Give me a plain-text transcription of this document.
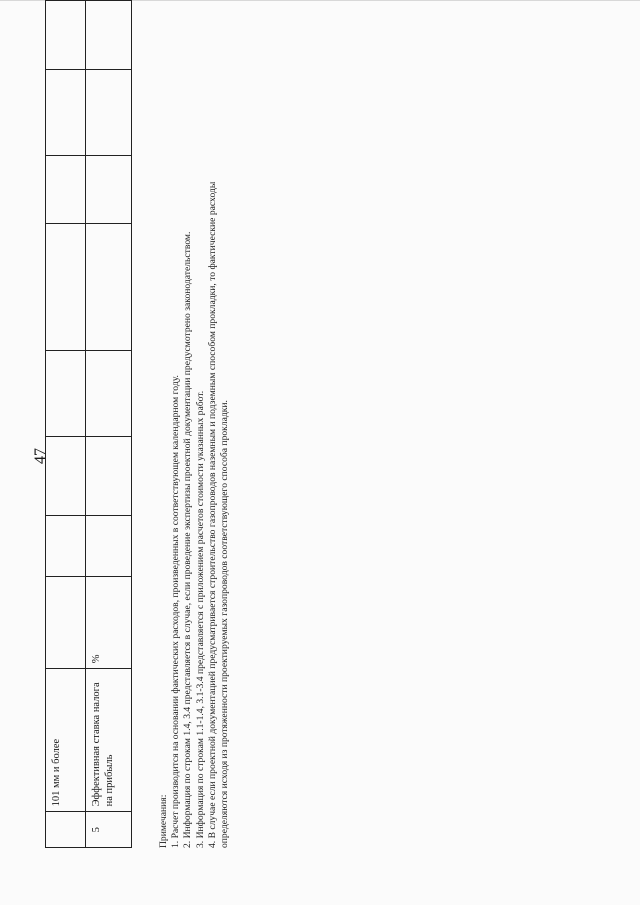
47
	101 мм и более								
5	Эффективная ставка налога на прибыль	%							
Примечания: 1. Расчет производится на основании фактических расходов, произведенных в соответствующем календарном году. 2. Информация по строкам 1.4, 3.4 представляется в случае, если проведение экспертизы проектной документации предусмотрено законодательством. 3. Информация по строкам 1.1-1.4, 3.1-3.4 представляется с приложением расчетов стоимости указанных работ. 4. В случае если проектной документацией предусматривается строительство газопроводов наземным и подземным способом прокладки, то фактические расходы определяются исходя из протяженности проектируемых газопроводов соответствующего способа прокладки.
